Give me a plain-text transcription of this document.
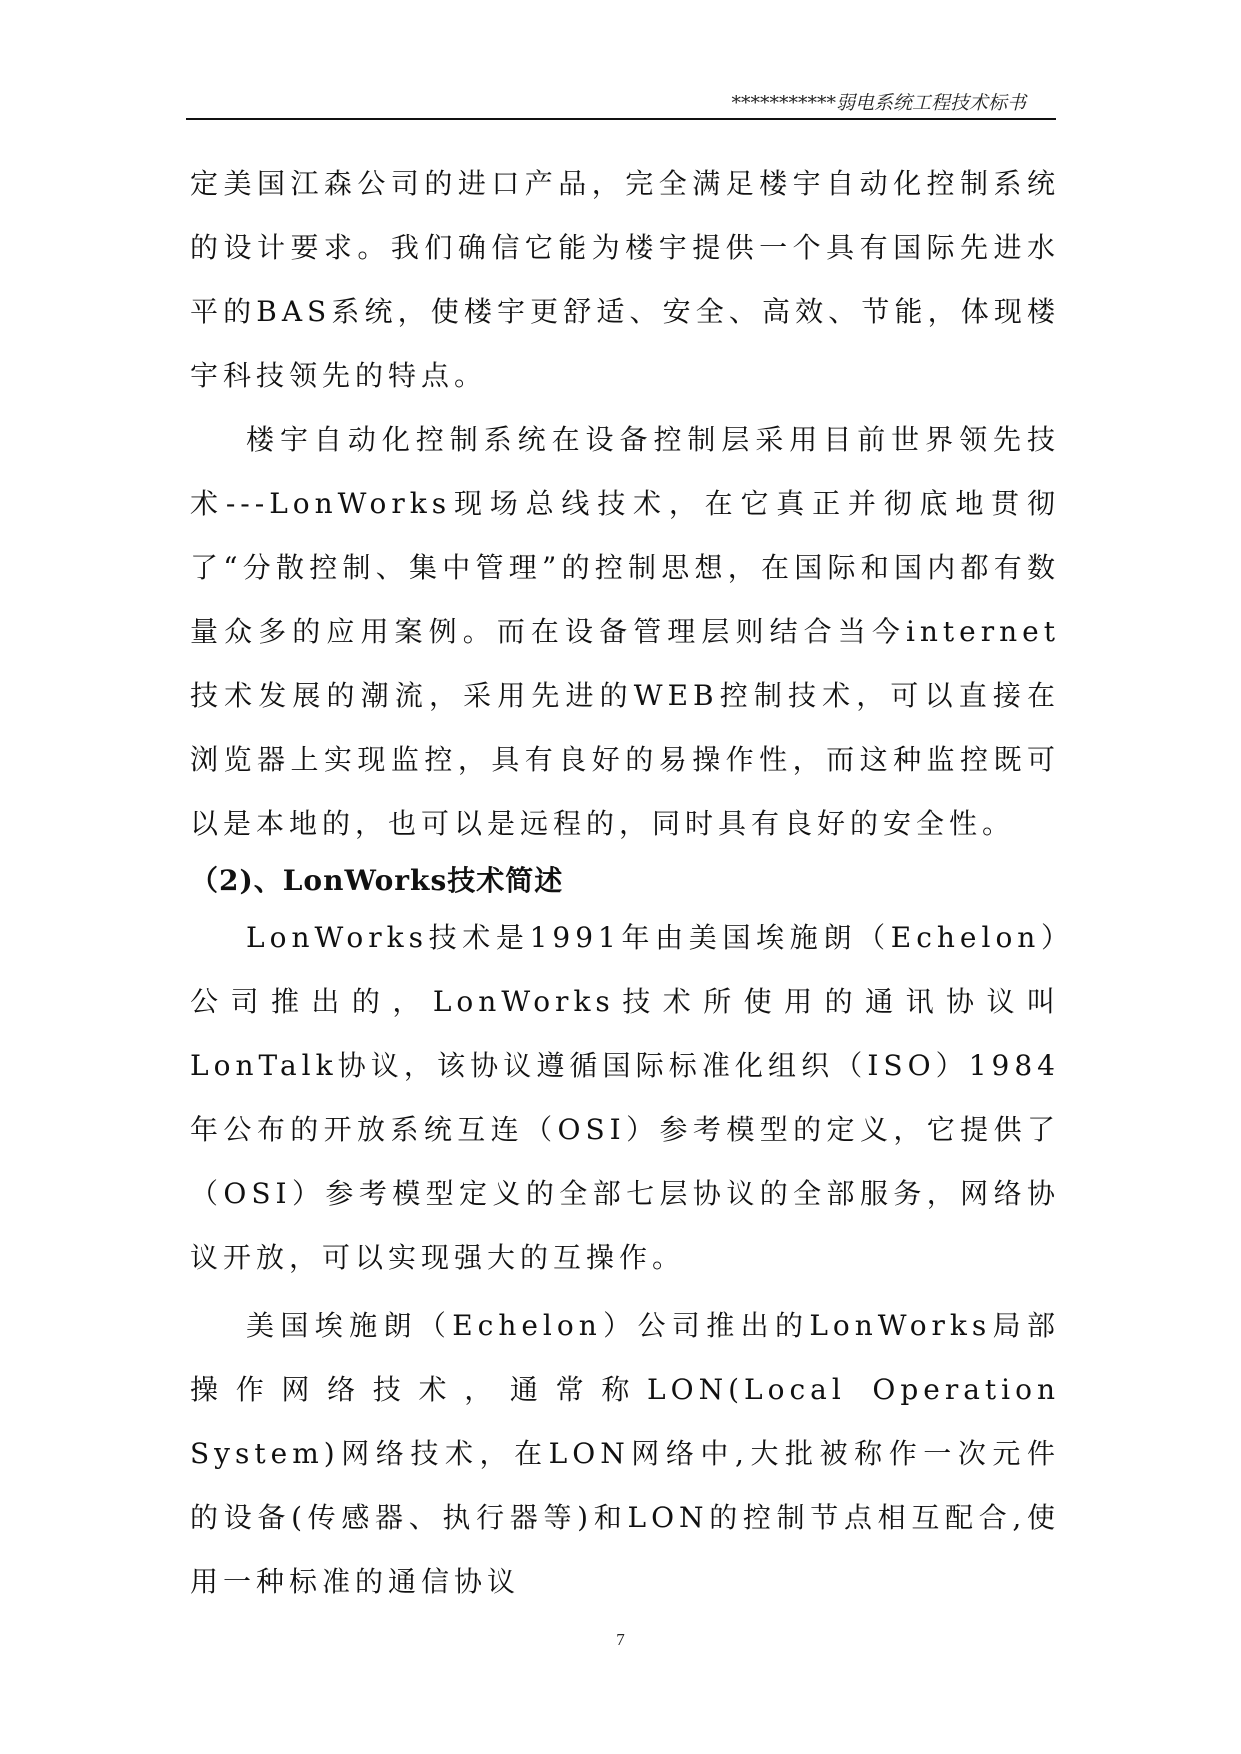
***********弱电系统工程技术标书

定美国江森公司的进口产品，完全满足楼宇自动化控制系统的设计要求。我们确信它能为楼宇提供一个具有国际先进水平的BAS系统，使楼宇更舒适、安全、高效、节能，体现楼宇科技领先的特点。

楼宇自动化控制系统在设备控制层采用目前世界领先技术---LonWorks现场总线技术，在它真正并彻底地贯彻了“分散控制、集中管理”的控制思想，在国际和国内都有数量众多的应用案例。而在设备管理层则结合当今internet技术发展的潮流，采用先进的WEB控制技术，可以直接在浏览器上实现监控，具有良好的易操作性，而这种监控既可以是本地的，也可以是远程的，同时具有良好的安全性。

（2)、LonWorks技术简述

LonWorks技术是1991年由美国埃施朗（Echelon）公司推出的，LonWorks技术所使用的通讯协议叫LonTalk协议，该协议遵循国际标准化组织（ISO）1984年公布的开放系统互连（OSI）参考模型的定义，它提供了（OSI）参考模型定义的全部七层协议的全部服务，网络协议开放，可以实现强大的互操作。

美国埃施朗（Echelon）公司推出的LonWorks局部操作网络技术，通常称LON(Local Operation System)网络技术，在LON网络中,大批被称作一次元件的设备(传感器、执行器等)和LON的控制节点相互配合,使用一种标准的通信协议

7
